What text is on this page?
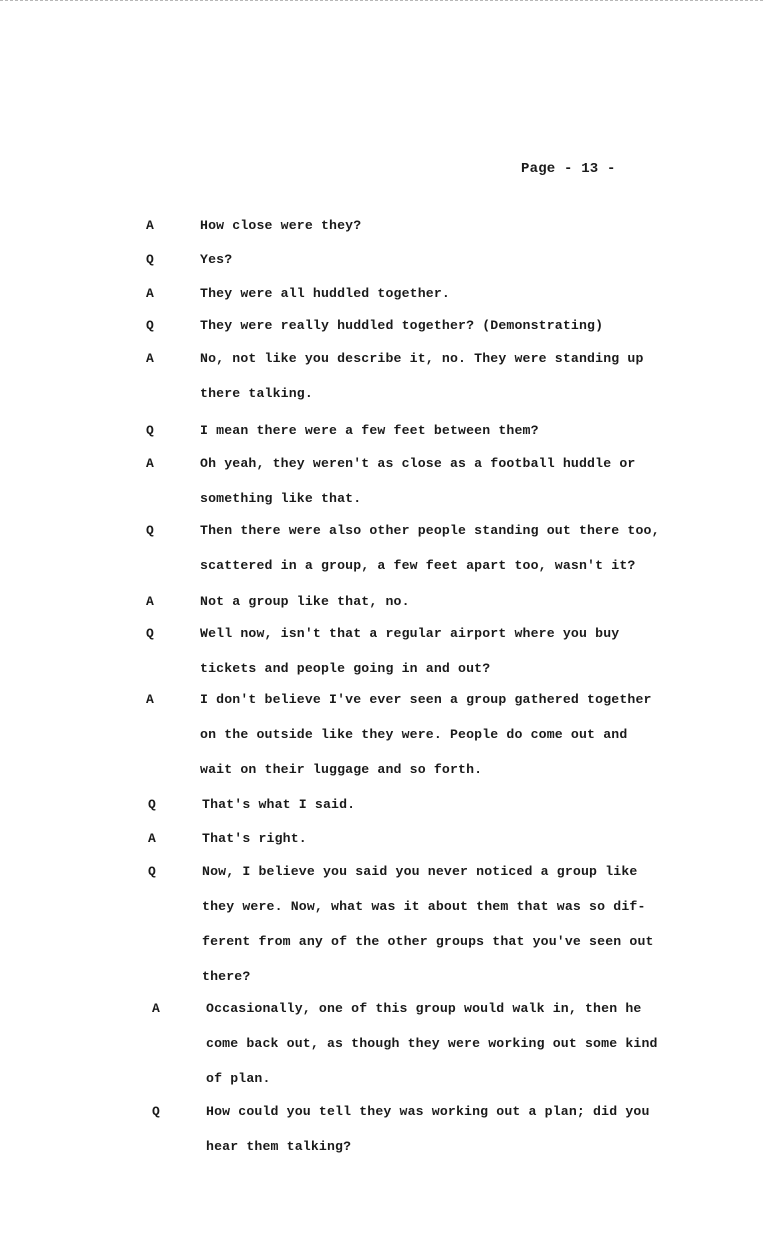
Page - 13 -
A	How close were they?
Q	Yes?
A	They were all huddled together.
Q	They were really huddled together? (Demonstrating)
A	No, not like you describe it, no. They were standing up
there talking.
Q	I mean there were a few feet between them?
A	Oh yeah, they weren't as close as a football huddle or
something like that.
Q	Then there were also other people standing out there too,
scattered in a group, a few feet apart too, wasn't it?
A	Not a group like that, no.
Q	Well now, isn't that a regular airport where you buy
tickets and people going in and out?
A	I don't believe I've ever seen a group gathered together
on the outside like they were. People do come out and
wait on their luggage and so forth.
Q	That's what I said.
A	That's right.
Q	Now, I believe you said you never noticed a group like
they were. Now, what was it about them that was so dif-
ferent from any of the other groups that you've seen out
there?
A	Occasionally, one of this group would walk in, then he
come back out, as though they were working out some kind
of plan.
Q	How could you tell they was working out a plan; did you
hear them talking?
